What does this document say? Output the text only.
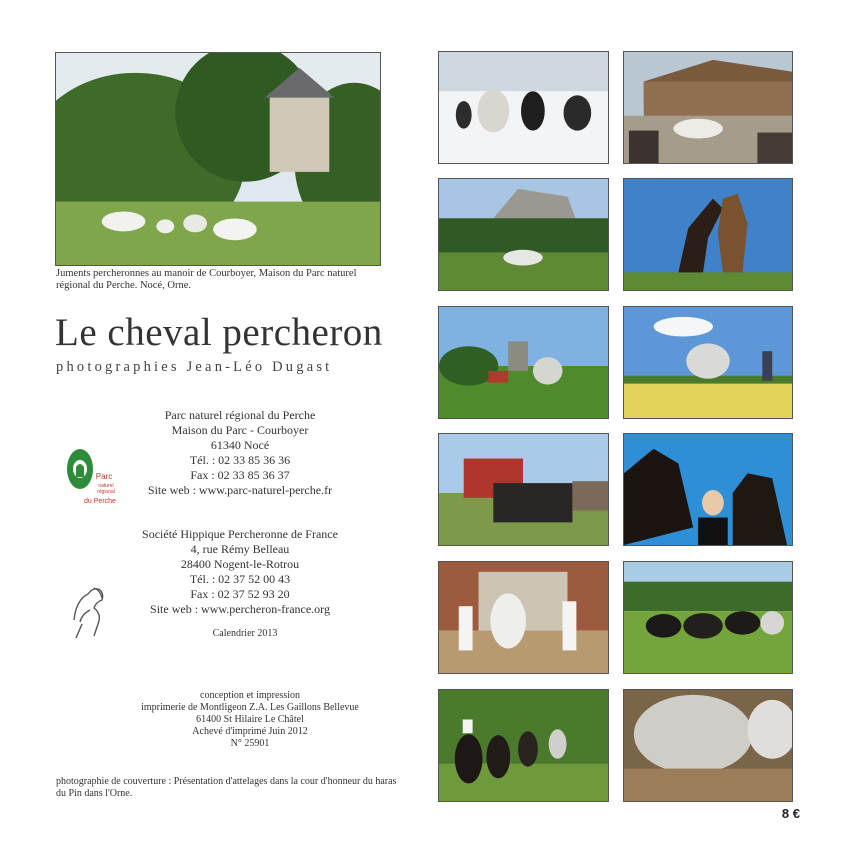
Juments percheronnes au manoir de Courboyer, Maison du Parc naturel régional du Perche. Nocé, Orne.
Le cheval percheron
photographies Jean-Léo Dugast
Parc
naturel
régional
du Perche
Parc naturel régional du Perche
Maison du Parc - Courboyer
61340 Nocé
Tél. : 02 33 85 36 36
Fax : 02 33 85 36 37
Site web : www.parc-naturel-perche.fr
Société Hippique Percheronne de France
4, rue Rémy Belleau
28400 Nogent-le-Rotrou
Tél. : 02 37 52 00 43
Fax : 02 37 52 93 20
Site web : www.percheron-france.org
Calendrier 2013
conception et impression
imprimerie de Montligeon Z.A. Les Gaillons Bellevue
61400 St Hilaire Le Châtel
Achevé d'imprimé Juin 2012
N° 25901
photographie de couverture : Présentation d'attelages dans la cour d'honneur du haras du Pin dans l'Orne.
8 €
